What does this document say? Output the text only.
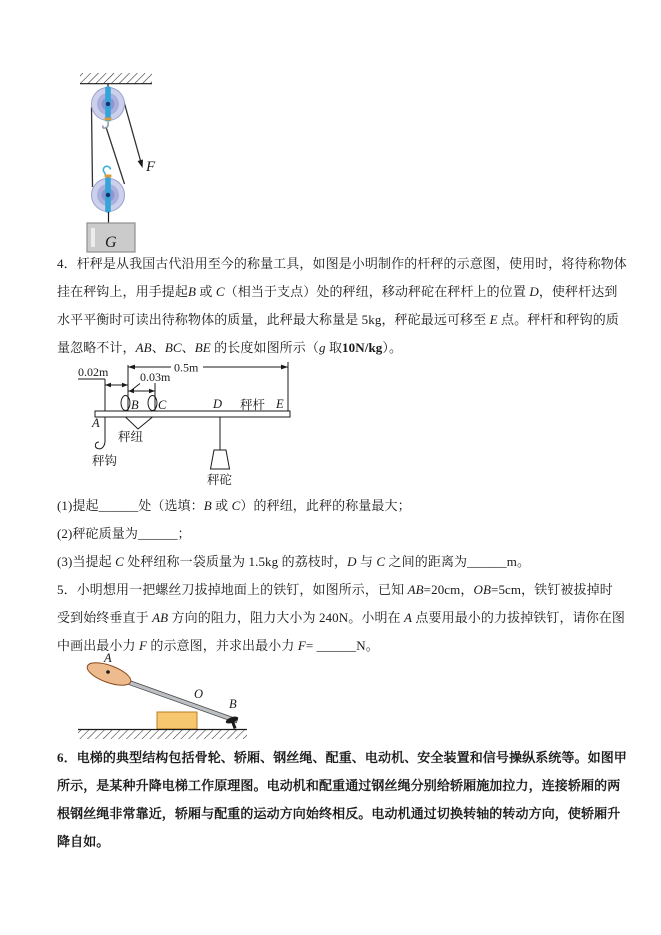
F
G
4．杆秤是从我国古代沿用至今的称量工具，如图是小明制作的杆秤的示意图，使用时，将待称物体
挂在秤钩上，用手提起B 或 C（相当于支点）处的秤纽，移动秤砣在秤杆上的位置 D，使秤杆达到
水平平衡时可读出待称物体的质量，此秤最大称量是 5kg，秤砣最远可移至 E 点。秤杆和秤钩的质
量忽略不计，AB、BC、BE 的长度如图所示（g 取10N/kg）。
0.5m
0.02m	0.03m
A
B C	D 秤杆 E
秤纽
秤钩
秤砣
(1)提起______处（选填：B 或 C）的秤纽，此秤的称量最大；
(2)秤砣质量为______；
(3)当提起 C 处秤纽称一袋质量为 1.5kg 的荔枝时，D 与 C 之间的距离为______m。
5．小明想用一把螺丝刀拔掉地面上的铁钉，如图所示，已知 AB=20cm，OB=5cm，铁钉被拔掉时
受到始终垂直于 AB 方向的阻力，阻力大小为 240N。小明在 A 点要用最小的力拔掉铁钉，请你在图
中画出最小力 F 的示意图，并求出最小力 F= ______N。
A
O
B
6．电梯的典型结构包括骨轮、轿厢、钢丝绳、配重、电动机、安全装置和信号操纵系统等。如图甲
所示，是某种升降电梯工作原理图。电动机和配重通过钢丝绳分别给轿厢施加拉力，连接轿厢的两
根钢丝绳非常靠近，轿厢与配重的运动方向始终相反。电动机通过切换转轴的转动方向，使轿厢升
降自如。
